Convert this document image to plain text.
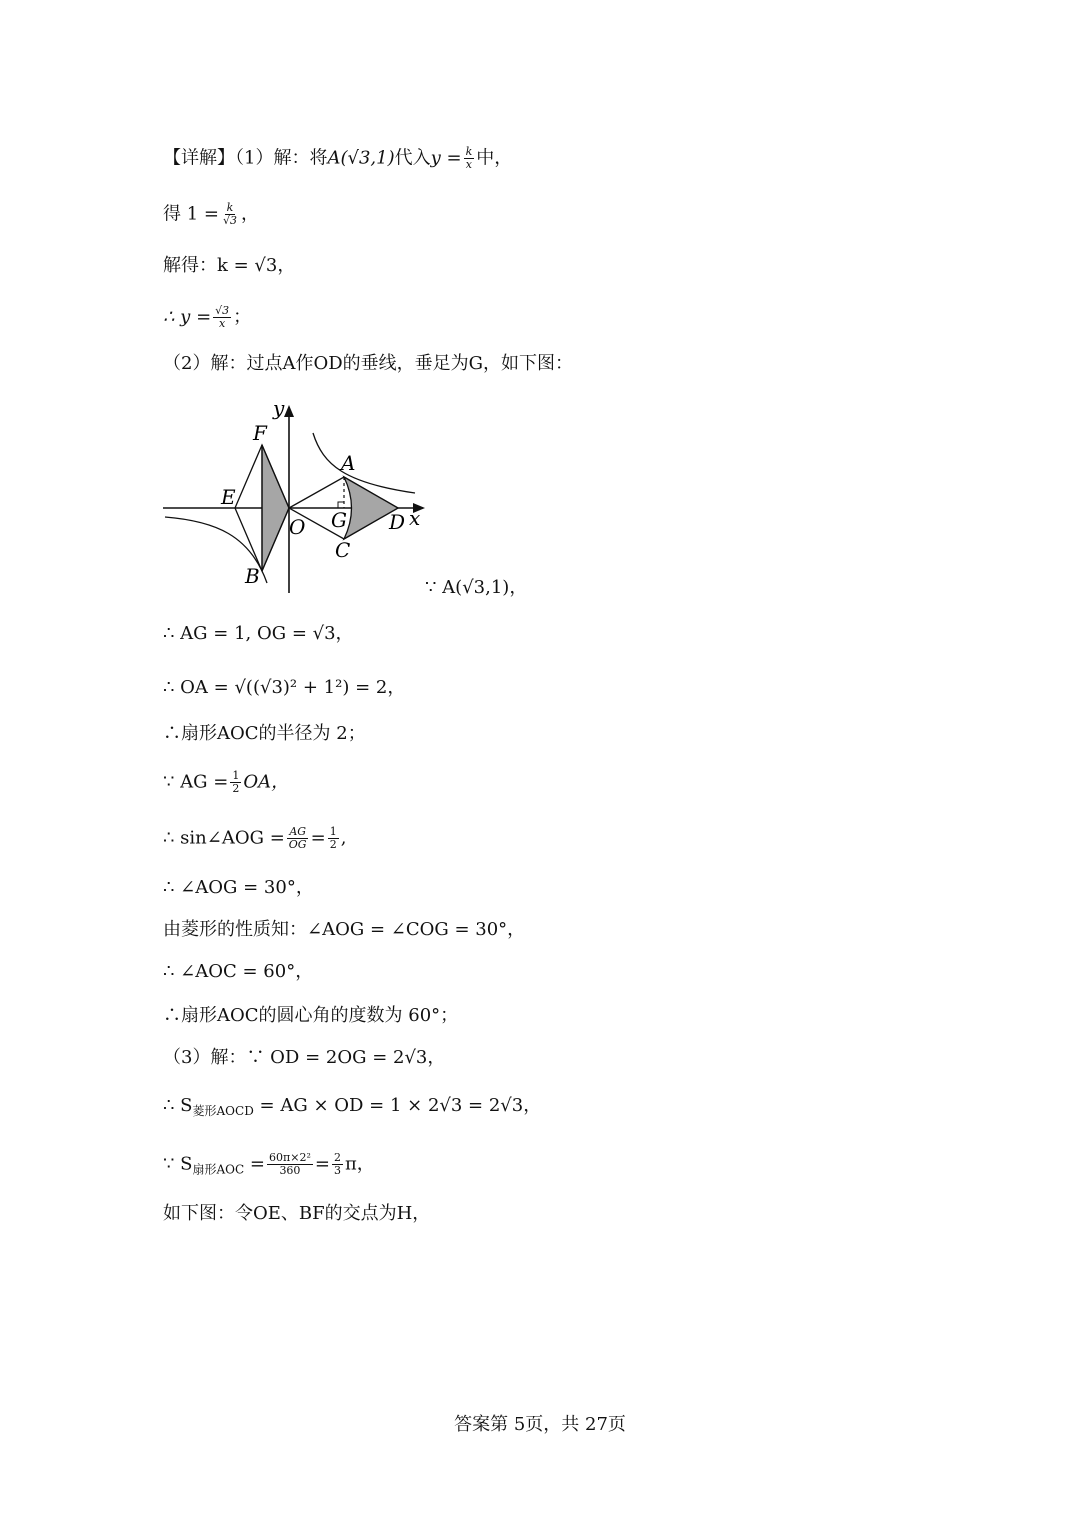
【详解】（1）解：将A(√3,1)代入$y = \frac{k}{x}$ 中，
得 $1 = \frac{k}{√3}$ ，
解得：k = √3，
∴ $y = \frac{√3}{x}$ ；
（2）解：过点A作OD的垂线，垂足为G，如下图：
y
x
F
A
E
G D
O
C
B	∵ A(√3,1)，
∴ AG = 1, OG = √3，
∴ OA = √((√3)² + 1²) = 2，
∴扇形AOC的半径为 2；
∵ AG = $\frac{1}{2}$ OA，
∴ sin∠AOG = $\frac{AG}{OG} = \frac{1}{2}$ ,
∴ ∠AOG = 30°，
由菱形的性质知：∠AOG = ∠COG = 30°，
∴ ∠AOC = 60°，
∴扇形AOC的圆心角的度数为 60°；
（3）解：∵ OD = 2OG = 2√3，
∴ $S_{菱形AOCD}$ = AG × OD = 1 × 2√3 = 2√3，
∵ $S_{扇形AOC} = \frac{\text{60π×2²}}{360} = \frac{2}{3}$ π，
如下图：令OE、BF的交点为H，
答案第 5页，共 27页
